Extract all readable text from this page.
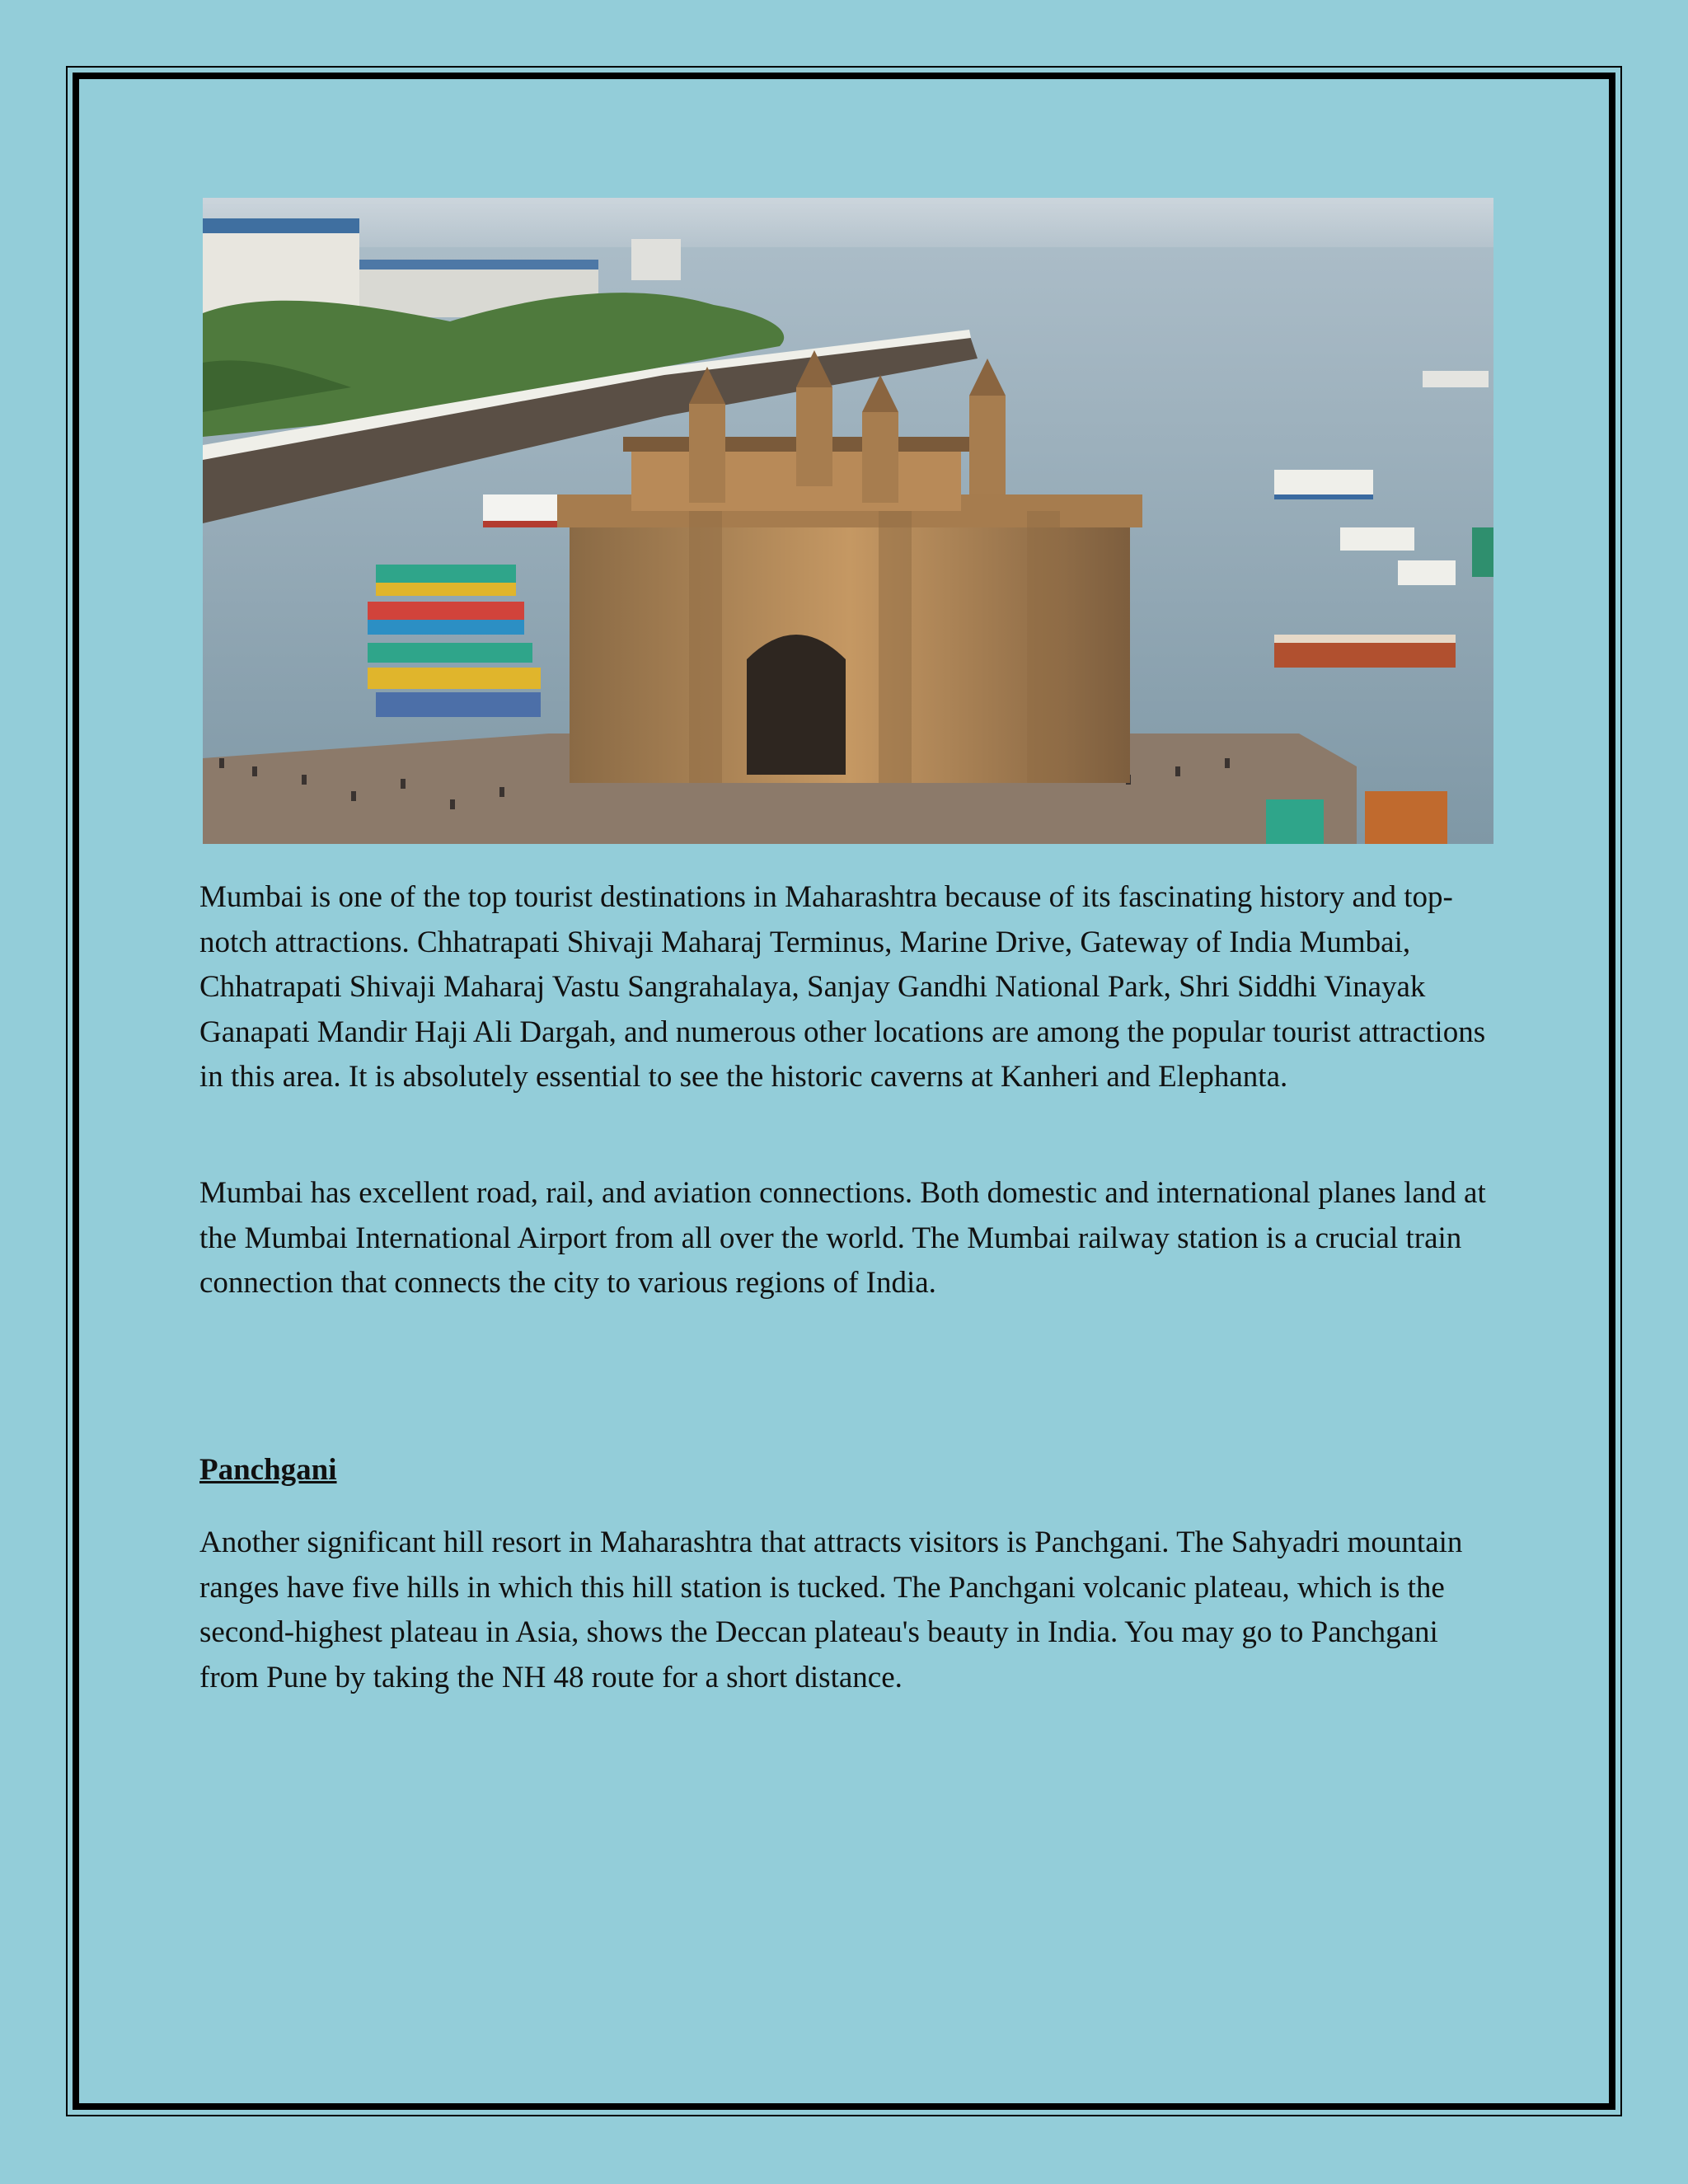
Mumbai is one of the top tourist destinations in Maharashtra because of its fascinating history and top-notch attractions. Chhatrapati Shivaji Maharaj Terminus, Marine Drive, Gateway of India Mumbai, Chhatrapati Shivaji Maharaj Vastu Sangrahalaya, Sanjay Gandhi National Park, Shri Siddhi Vinayak Ganapati Mandir Haji Ali Dargah, and numerous other locations are among the popular tourist attractions in this area. It is absolutely essential to see the historic caverns at Kanheri and Elephanta.

Mumbai has excellent road, rail, and aviation connections. Both domestic and international planes land at the Mumbai International Airport from all over the world. The Mumbai railway station is a crucial train connection that connects the city to various regions of India.

Panchgani

Another significant hill resort in Maharashtra that attracts visitors is Panchgani. The Sahyadri mountain ranges have five hills in which this hill station is tucked. The Panchgani volcanic plateau, which is the second-highest plateau in Asia, shows the Deccan plateau's beauty in India. You may go to Panchgani from Pune by taking the NH 48 route for a short distance.
